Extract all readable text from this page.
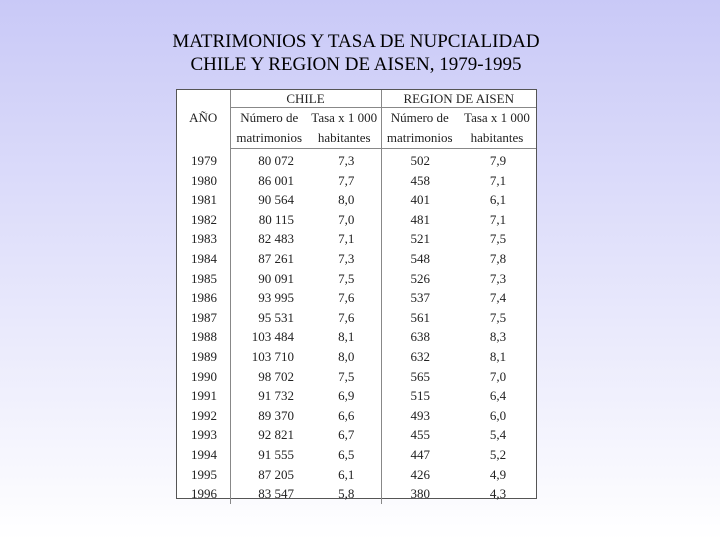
MATRIMONIOS Y TASA DE NUPCIALIDAD
CHILE Y REGION DE AISEN, 1979-1995
AÑO	CHILE		REGION DE AISEN	
	Número de	Tasa x 1 000	Número de	Tasa x 1 000
	matrimonios	habitantes	matrimonios	habitantes
1979	80 072	7,3	502	7,9
1980	86 001	7,7	458	7,1
1981	90 564	8,0	401	6,1
1982	80 115	7,0	481	7,1
1983	82 483	7,1	521	7,5
1984	87 261	7,3	548	7,8
1985	90 091	7,5	526	7,3
1986	93 995	7,6	537	7,4
1987	95 531	7,6	561	7,5
1988	103 484	8,1	638	8,3
1989	103 710	8,0	632	8,1
1990	98 702	7,5	565	7,0
1991	91 732	6,9	515	6,4
1992	89 370	6,6	493	6,0
1993	92 821	6,7	455	5,4
1994	91 555	6,5	447	5,2
1995	87 205	6,1	426	4,9
1996	83 547	5,8	380	4,3
